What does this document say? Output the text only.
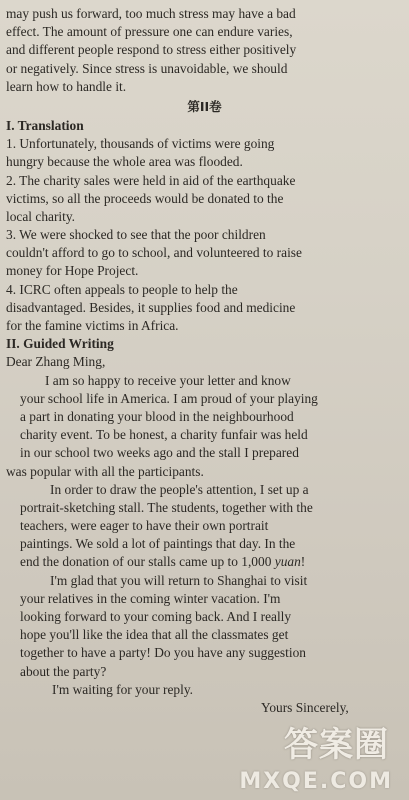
may push us forward, too much stress may have a bad
effect. The amount of pressure one can endure varies,
and different people respond to stress either positively
or negatively. Since stress is unavoidable, we should
learn how to handle it.
第II卷
I. Translation
1. Unfortunately, thousands of victims were going
hungry because the whole area was flooded.
2. The charity sales were held in aid of the earthquake
victims, so all the proceeds would be donated to the
local charity.
3. We were shocked to see that the poor children
couldn't afford to go to school, and volunteered to raise
money for Hope Project.
4. ICRC often appeals to people to help the
disadvantaged. Besides, it supplies food and medicine
for the famine victims in Africa.
II. Guided Writing
Dear Zhang Ming,
I am so happy to receive your letter and know
your school life in America. I am proud of your playing
a part in donating your blood in the neighbourhood
charity event. To be honest, a charity funfair was held
in our school two weeks ago and the stall I prepared
was popular with all the participants.
In order to draw the people's attention, I set up a
portrait-sketching stall. The students, together with the
teachers, were eager to have their own portrait
paintings. We sold a lot of paintings that day. In the
end the donation of our stalls came up to 1,000 yuan!
I'm glad that you will return to Shanghai to visit
your relatives in the coming winter vacation. I'm
looking forward to your coming back. And I really
hope you'll like the idea that all the classmates get
together to have a party! Do you have any suggestion
about the party?
I'm waiting for your reply.
Yours Sincerely,
答案圈
MXQE.COM
